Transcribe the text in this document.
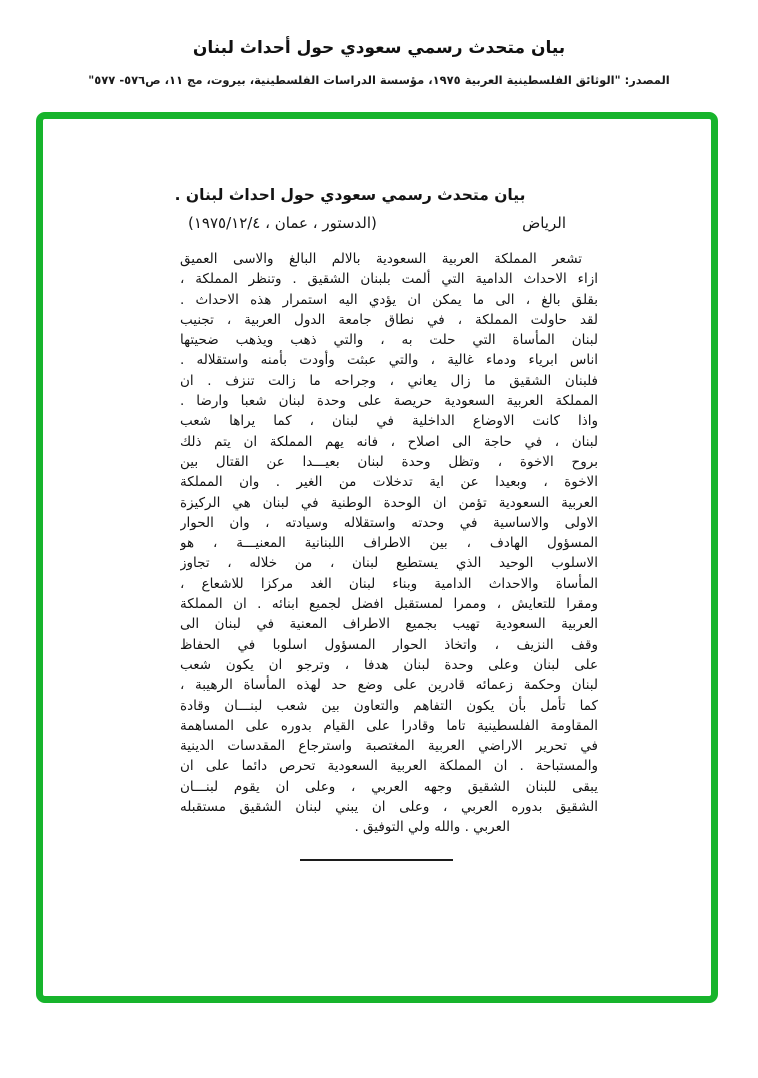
بيان متحدث رسمي سعودي حول أحداث لبنان
المصدر: "الوثائق الفلسطينية العربية ١٩٧٥، مؤسسة الدراسات الفلسطينية، بيروت، مج ١١، ص٥٧٦- ٥٧٧"
بيان متحدث رسمي سعودي حول احداث لبنان .
الرياض
(الدستور ، عمان ، ١٩٧٥/١٢/٤)
تشعر المملكة العربية السعودية بالالم البالغ والاسى العميق
ازاء الاحداث الدامية التي ألمت بلبنان الشقيق . وتنظر المملكة ،
بقلق بالغ ، الى ما يمكن ان يؤدي اليه استمرار هذه الاحداث .
لقد حاولت المملكة ، في نطاق جامعة الدول العربية ، تجنيب
لبنان المأساة التي حلت به ، والتي ذهب ويذهب ضحيتها
اناس ابرياء ودماء غالية ، والتي عبثت وأودت بأمنه واستقلاله .
فلبنان الشقيق ما زال يعاني ، وجراحه ما زالت تنزف . ان
المملكة العربية السعودية حريصة على وحدة لبنان شعبا وارضا .
واذا كانت الاوضاع الداخلية في لبنان ، كما يراها شعب
لبنان ، في حاجة الى اصلاح ، فانه يهم المملكة ان يتم ذلك
بروح الاخوة ، وتظل وحدة لبنان بعيـــدا عن القتال بين
الاخوة ، وبعيدا عن اية تدخلات من الغير . وان المملكة
العربية السعودية تؤمن ان الوحدة الوطنية في لبنان هي الركيزة
الاولى والاساسية في وحدته واستقلاله وسيادته ، وان الحوار
المسؤول الهادف ، بين الاطراف اللبنانية المعنيـــة ، هو
الاسلوب الوحيد الذي يستطيع لبنان ، من خلاله ، تجاوز
المأساة والاحداث الدامية وبناء لبنان الغد مركزا للاشعاع ،
ومقرا للتعايش ، وممرا لمستقبل افضل لجميع ابنائه . ان المملكة
العربية السعودية تهيب بجميع الاطراف المعنية في لبنان الى
وقف النزيف ، واتخاذ الحوار المسؤول اسلوبا في الحفاظ
على لبنان وعلى وحدة لبنان هدفا ، وترجو ان يكون شعب
لبنان وحكمة زعمائه قادرين على وضع حد لهذه المأساة الرهيبة ،
كما تأمل بأن يكون التفاهم والتعاون بين شعب لبنـــان وقادة
المقاومة الفلسطينية تاما وقادرا على القيام بدوره على المساهمة
في تحرير الاراضي العربية المغتصبة واسترجاع المقدسات الدينية
والمستباحة . ان المملكة العربية السعودية تحرص دائما على ان
يبقى للبنان الشقيق وجهه العربي ، وعلى ان يقوم لبنـــان
الشقيق بدوره العربي ، وعلى ان يبني لبنان الشقيق مستقبله
العربي . والله ولي التوفيق .
